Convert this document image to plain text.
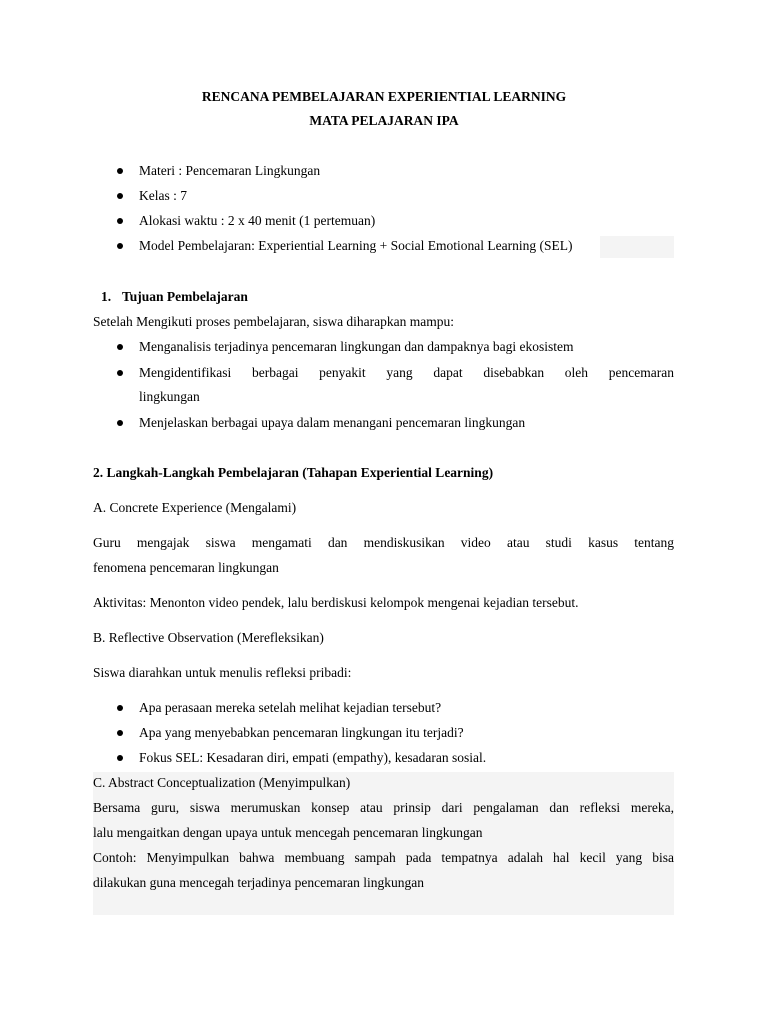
RENCANA PEMBELAJARAN EXPERIENTIAL LEARNING
MATA PELAJARAN IPA
Materi : Pencemaran Lingkungan
Kelas : 7
Alokasi waktu : 2 x 40 menit (1 pertemuan)
Model Pembelajaran: Experiential Learning + Social Emotional Learning (SEL)
1. Tujuan Pembelajaran
Setelah Mengikuti proses pembelajaran, siswa diharapkan mampu:
Menganalisis terjadinya pencemaran lingkungan dan dampaknya bagi ekosistem
Mengidentifikasi berbagai penyakit yang dapat disebabkan oleh pencemaran
lingkungan
Menjelaskan berbagai upaya dalam menangani pencemaran lingkungan
2. Langkah-Langkah Pembelajaran (Tahapan Experiential Learning)
A. Concrete Experience (Mengalami)
Guru mengajak siswa mengamati dan mendiskusikan video atau studi kasus tentang
fenomena pencemaran lingkungan
Aktivitas: Menonton video pendek, lalu berdiskusi kelompok mengenai kejadian tersebut.
B. Reflective Observation (Merefleksikan)
Siswa diarahkan untuk menulis refleksi pribadi:
Apa perasaan mereka setelah melihat kejadian tersebut?
Apa yang menyebabkan pencemaran lingkungan itu terjadi?
Fokus SEL: Kesadaran diri, empati (empathy), kesadaran sosial.
C. Abstract Conceptualization (Menyimpulkan)
Bersama guru, siswa merumuskan konsep atau prinsip dari pengalaman dan refleksi mereka,
lalu mengaitkan dengan upaya untuk mencegah pencemaran lingkungan
Contoh: Menyimpulkan bahwa membuang sampah pada tempatnya adalah hal kecil yang bisa
dilakukan guna mencegah terjadinya pencemaran lingkungan
